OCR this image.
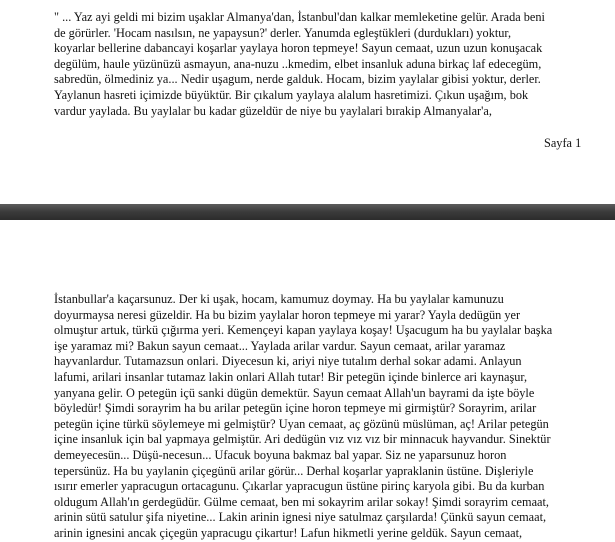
" ... Yaz ayi geldi mi bizim uşaklar Almanya'dan, İstanbul'dan kalkar memleketine gelür. Arada beni
de görürler. 'Hocam nasılsın, ne yapaysun?' derler. Yanumda eglеştükleri (durdukları) yoktur,
koyarlar bellerine dabancayi koşarlar yaylaya horon tepmeye! Sayun cemaat, uzun uzun konuşacak
degülüm, haule yüzünüzü asmayun, ana-nuzu ..kmedim, elbet insanluk aduna birkaç laf edecegüm,
sabredün, ölmediniz ya... Nedir uşagum, nerde galduk. Hocam, bizim yaylalar gibisi yoktur, derler.
Yaylanun hasreti içimizde büyüktür. Bir çıkalum yaylaya alalum hasretimizi. Çıkun uşağım, bok
vardur yaylada. Bu yaylalar bu kadar güzeldür de niye bu yaylalari bırakip Almanyalar'a,

Sayfa 1

İstanbullar'a kaçarsunuz. Der ki uşak, hocam, kamumuz doymay. Ha bu yaylalar kamunuzu
doyurmaysa neresi güzeldir. Ha bu bizim yaylalar horon tepmeye mi yarar? Yayla dedügün yer
olmuştur artuk, türkü çığırma yeri. Kemençeyi kapan yaylaya koşay! Uşacugum ha bu yaylalar başka
işe yaramaz mi? Bakun sayun cemaat... Yaylada arilar vardur. Sayun cemaat, arilar yaramaz
hayvanlardur. Tutamazsun onlari. Diyecesun ki, ariyi niye tutalım derhal sokar adami. Anlayun
lafumi, arilari insanlar tutamaz lakin onlari Allah tutar! Bir petegün içinde binlerce ari kaynaşur,
yanyana gelir. O petegün içü sanki dügün demektür. Sayun cemaat Allah'un bayrami da işte böyle
böyledür! Şimdi sorayrim ha bu arilar petegün içine horon tepmeye mi girmiştür? Sorayrim, arilar
petegün içine türkü söylemeye mi gelmiştür? Uyan cemaat, aç gözünü müslüman, aç! Arilar petegün
içine insanluk için bal yapmaya gelmiştür. Ari dedügün vız vız vız bir minnacuk hayvandur. Sinektür
demeyecesün... Düşü-necesun... Ufacuk boyuna bakmaz bal yapar. Siz ne yaparsunuz horon
tepersünüz. Ha bu yaylanin çiçegünü arilar görür... Derhal koşarlar yapraklanin üstüne. Dişleriyle
ısırır emerler yapracugun ortacagunu. Çıkarlar yapracugun üstüne pirinç karyola gibi. Bu da kurban
oldugum Allah'ın gerdegüdür. Gülme cemaat, ben mi sokayrim arilar sokay! Şimdi sorayrim cemaat,
arinin sütü satulur şifa niyetine... Lakin arinin ignesi niye satulmaz çarşılarda! Çünkü sayun cemaat,
arinin ignesini ancak çiçegün yapracugu çikartur! Lafun hikmetli yerine geldük. Sayun cemaat,
